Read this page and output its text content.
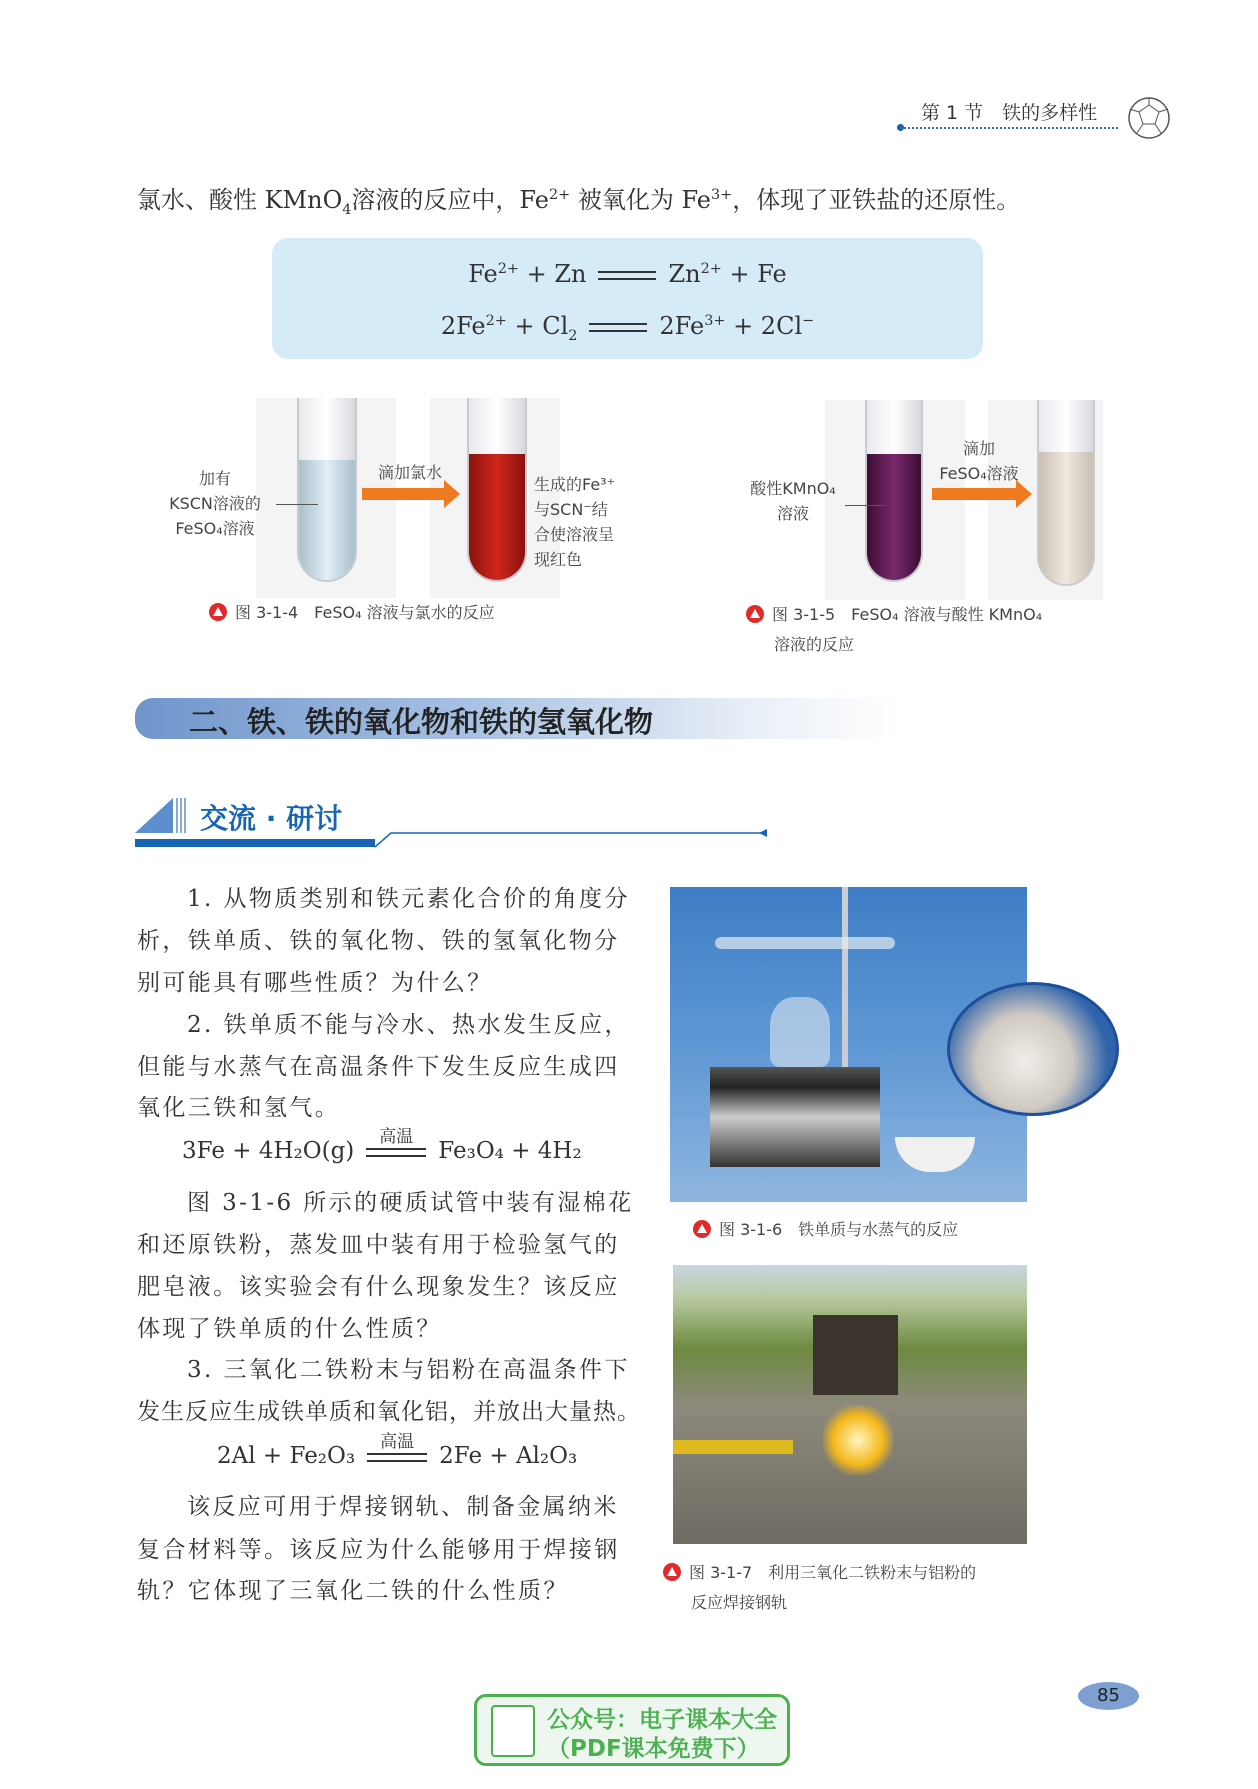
第 1 节　铁的多样性
氯水、酸性 KMnO$_4$溶液的反应中，$Fe^{2+}$ 被氧化为 $Fe^{3+}$，体现了亚铁盐的还原性。
$Fe^{2+} + Zn$	$Zn^{2+} + Fe$
$2Fe^{2+} + Cl_2$	$2Fe^{3+} + 2Cl^-$
加有
KSCN溶液的
FeSO₄溶液
滴加氯水
生成的Fe³⁺
与SCN⁻结
合使溶液呈
现红色
图 3-1-4　FeSO₄ 溶液与氯水的反应
酸性KMnO₄
溶液
滴加
FeSO₄溶液
图 3-1-5　FeSO₄ 溶液与酸性 KMnO₄
溶液的反应
二、铁、铁的氧化物和铁的氢氧化物
交流 · 研讨

1. 从物质类别和铁元素化合价的角度分

析，铁单质、铁的氧化物、铁的氢氧化物分

别可能具有哪些性质？为什么？

2. 铁单质不能与冷水、热水发生反应，

但能与水蒸气在高温条件下发生反应生成四

氧化三铁和氢气。

3Fe + 4H₂O(g)
高温
Fe₃O₄ + 4H₂

图 3-1-6 所示的硬质试管中装有湿棉花

和还原铁粉，蒸发皿中装有用于检验氢气的

肥皂液。该实验会有什么现象发生？该反应

体现了铁单质的什么性质？

3. 三氧化二铁粉末与铝粉在高温条件下

发生反应生成铁单质和氧化铝，并放出大量热。

2Al + Fe₂O₃
高温
2Fe + Al₂O₃

该反应可用于焊接钢轨、制备金属纳米

复合材料等。该反应为什么能够用于焊接钢

轨？它体现了三氧化二铁的什么性质？

图 3-1-6　铁单质与水蒸气的反应
图 3-1-7　利用三氧化二铁粉末与铝粉的
反应焊接钢轨
85
公众号：电子课本大全
（PDF课本免费下）
